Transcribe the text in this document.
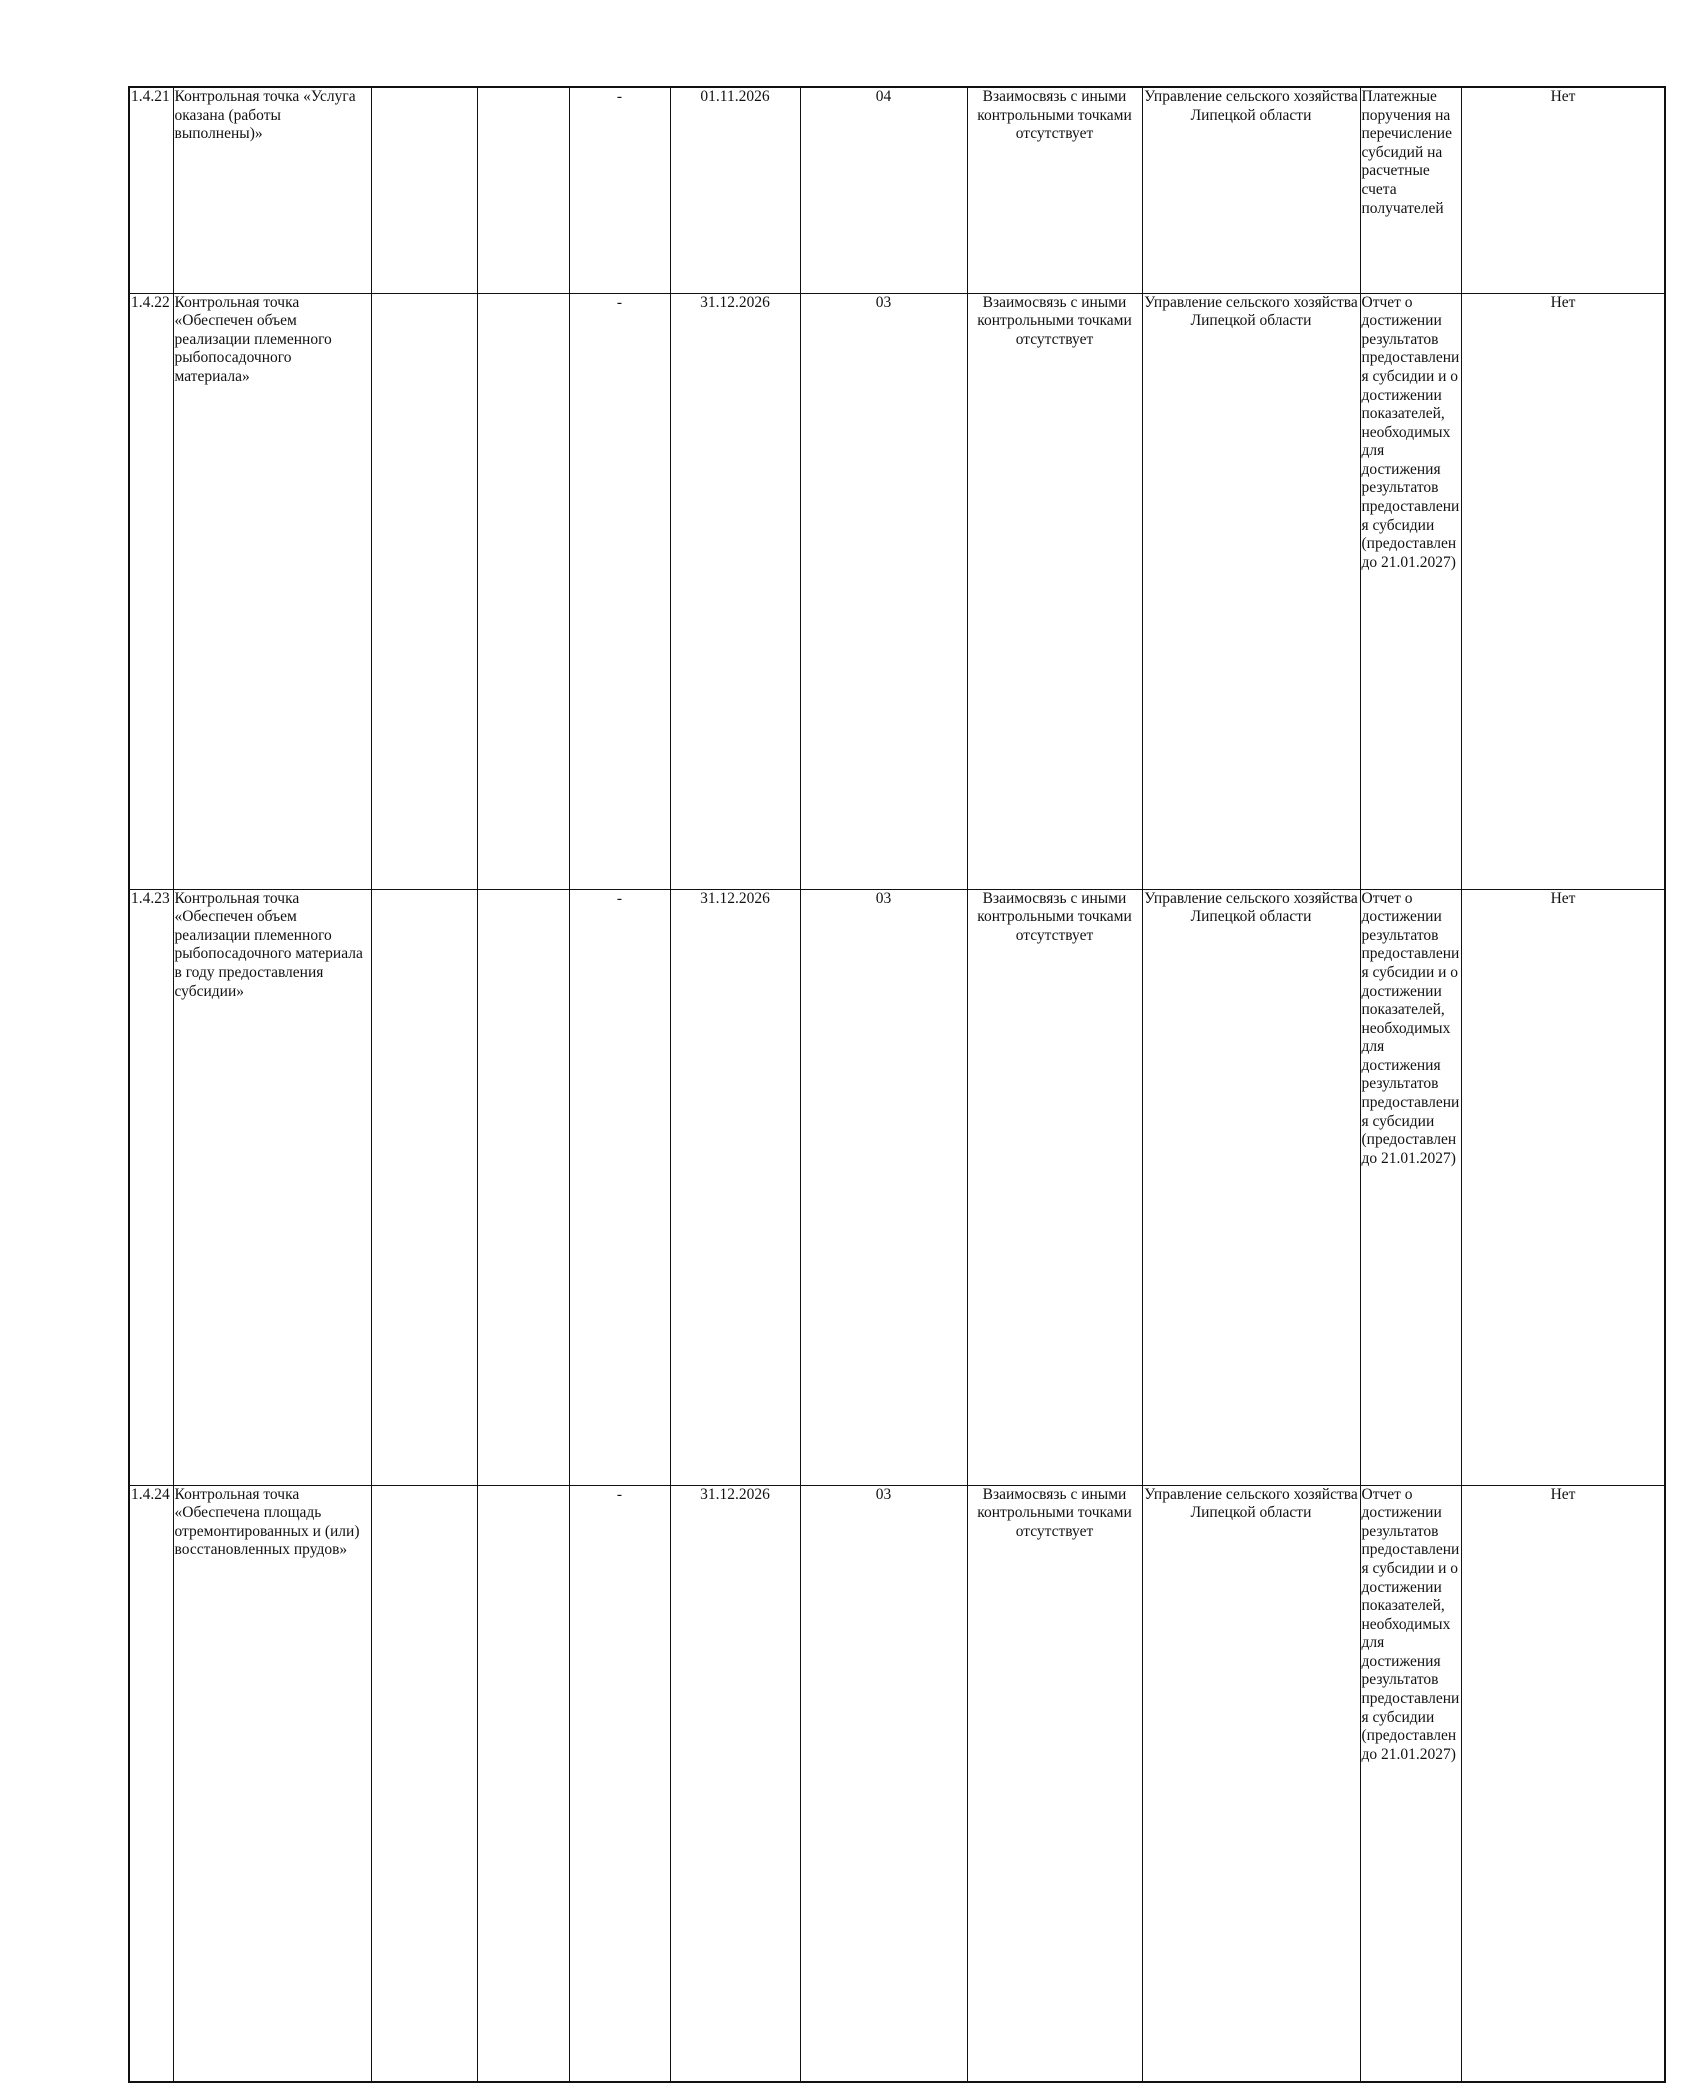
1.4.21	Контрольная точка «Услуга оказана (работы выполнены)»			-	01.11.2026	04	Взаимосвязь с иными контрольными точками отсутствует	Управление сельского хозяйства Липецкой области	Платежные поручения на перечисление субсидий на расчетные счета получателей	Нет	
1.4.22	Контрольная точка «Обеспечен объем реализации племенного рыбопосадочного материала»			-	31.12.2026	03	Взаимосвязь с иными контрольными точками отсутствует	Управление сельского хозяйства Липецкой области	Отчет о достижении результатов предоставления субсидии и о достижении показателей, необходимых для достижения результатов предоставления субсидии (предоставлен до 21.01.2027)	Нет	
1.4.23	Контрольная точка «Обеспечен объем реализации племенного рыбопосадочного материала в году предоставления субсидии»			-	31.12.2026	03	Взаимосвязь с иными контрольными точками отсутствует	Управление сельского хозяйства Липецкой области	Отчет о достижении результатов предоставления субсидии и о достижении показателей, необходимых для достижения результатов предоставления субсидии (предоставлен до 21.01.2027)	Нет	
1.4.24	Контрольная точка «Обеспечена площадь отремонтированных и (или) восстановленных прудов»			-	31.12.2026	03	Взаимосвязь с иными контрольными точками отсутствует	Управление сельского хозяйства Липецкой области	Отчет о достижении результатов предоставления субсидии и о достижении показателей, необходимых для достижения результатов предоставления субсидии (предоставлен до 21.01.2027)	Нет	
